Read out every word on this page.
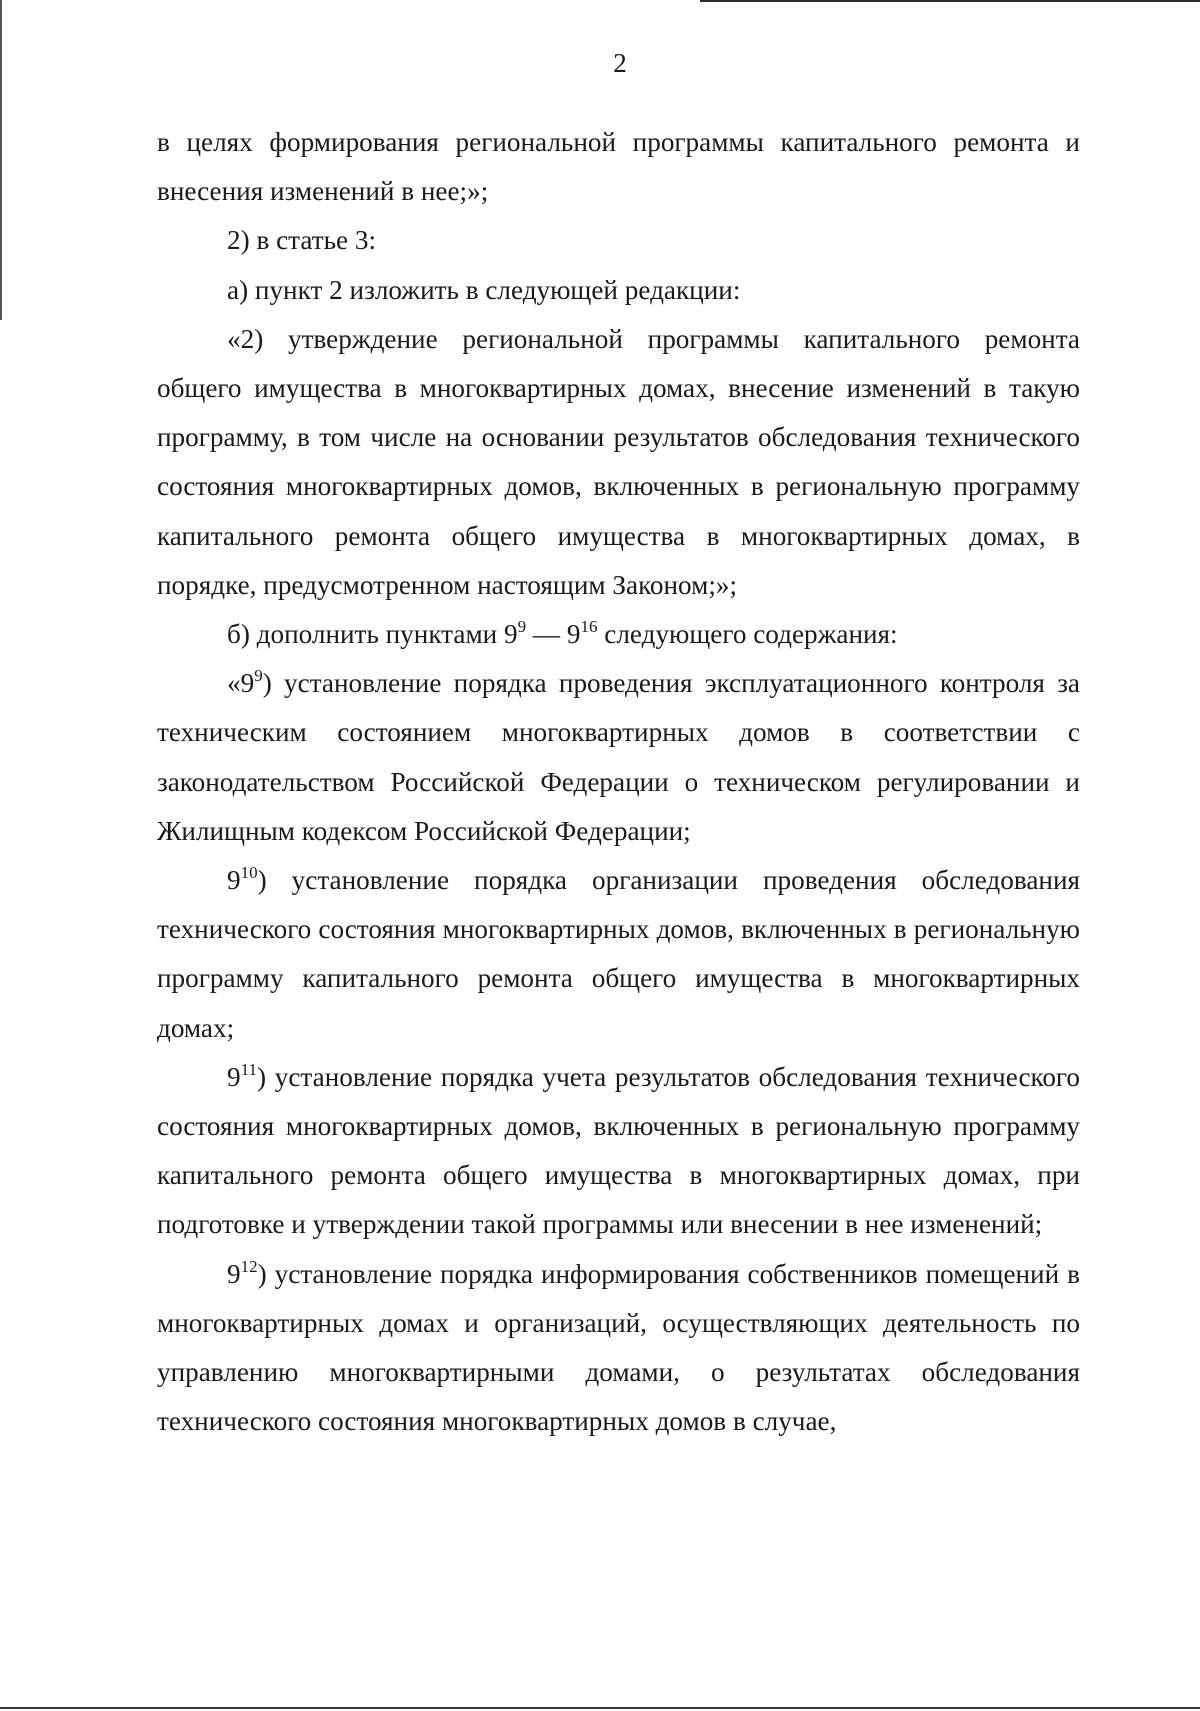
2

в целях формирования региональной программы капитального ремонта и внесения изменений в нее;»;

2) в статье 3:

а) пункт 2 изложить в следующей редакции:

«2) утверждение региональной программы капитального ремонта общего имущества в многоквартирных домах, внесение изменений в такую программу, в том числе на основании результатов обследования технического состояния многоквартирных домов, включенных в региональную программу капитального ремонта общего имущества в многоквартирных домах, в порядке, предусмотренном настоящим Законом;»;

б) дополнить пунктами $9^9$ — $9^{16}$ следующего содержания:

«$9^9$) установление порядка проведения эксплуатационного контроля за техническим состоянием многоквартирных домов в соответствии с законодательством Российской Федерации о техническом регулировании и Жилищным кодексом Российской Федерации;

$9^{10}$) установление порядка организации проведения обследования технического состояния многоквартирных домов, включенных в региональную программу капитального ремонта общего имущества в многоквартирных домах;

$9^{11}$) установление порядка учета результатов обследования технического состояния многоквартирных домов, включенных в региональную программу капитального ремонта общего имущества в многоквартирных домах, при подготовке и утверждении такой программы или внесении в нее изменений;

$9^{12}$) установление порядка информирования собственников помещений в многоквартирных домах и организаций, осуществляющих деятельность по управлению многоквартирными домами, о результатах обследования технического состояния многоквартирных домов в случае,
